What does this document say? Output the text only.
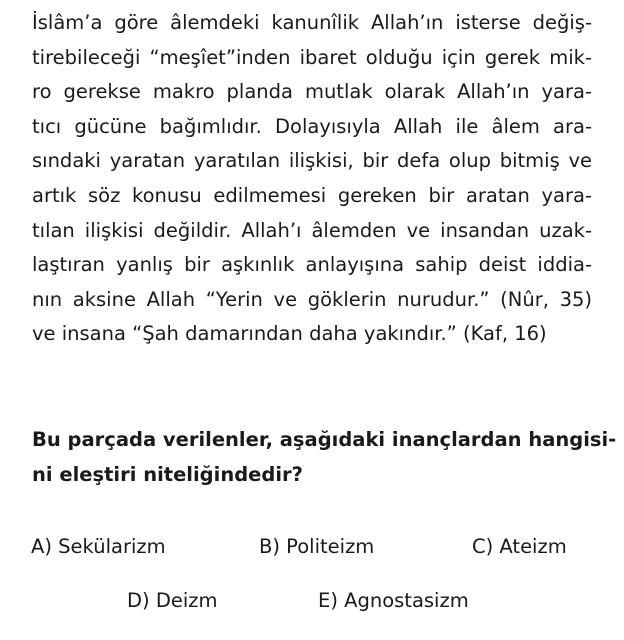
İslâm’a göre âlemdeki kanunîlik Allah’ın isterse değiş-
tirebileceği “meşîet”inden ibaret olduğu için gerek mik-
ro gerekse makro planda mutlak olarak Allah’ın yara-
tıcı gücüne bağımlıdır. Dolayısıyla Allah ile âlem ara-
sındaki yaratan yaratılan ilişkisi, bir defa olup bitmiş ve
artık söz konusu edilmemesi gereken bir aratan yara-
tılan ilişkisi değildir. Allah’ı âlemden ve insandan uzak-
laştıran yanlış bir aşkınlık anlayışına sahip deist iddia-
nın aksine Allah “Yerin ve göklerin nurudur.” (Nûr, 35)
ve insana “Şah damarından daha yakındır.” (Kaf, 16)
Bu parçada verilenler, aşağıdaki inançlardan hangisi-
ni eleştiri niteliğindedir?
A) Sekülarizm	B) Politeizm	C) Ateizm
D) Deizm	E) Agnostasizm
